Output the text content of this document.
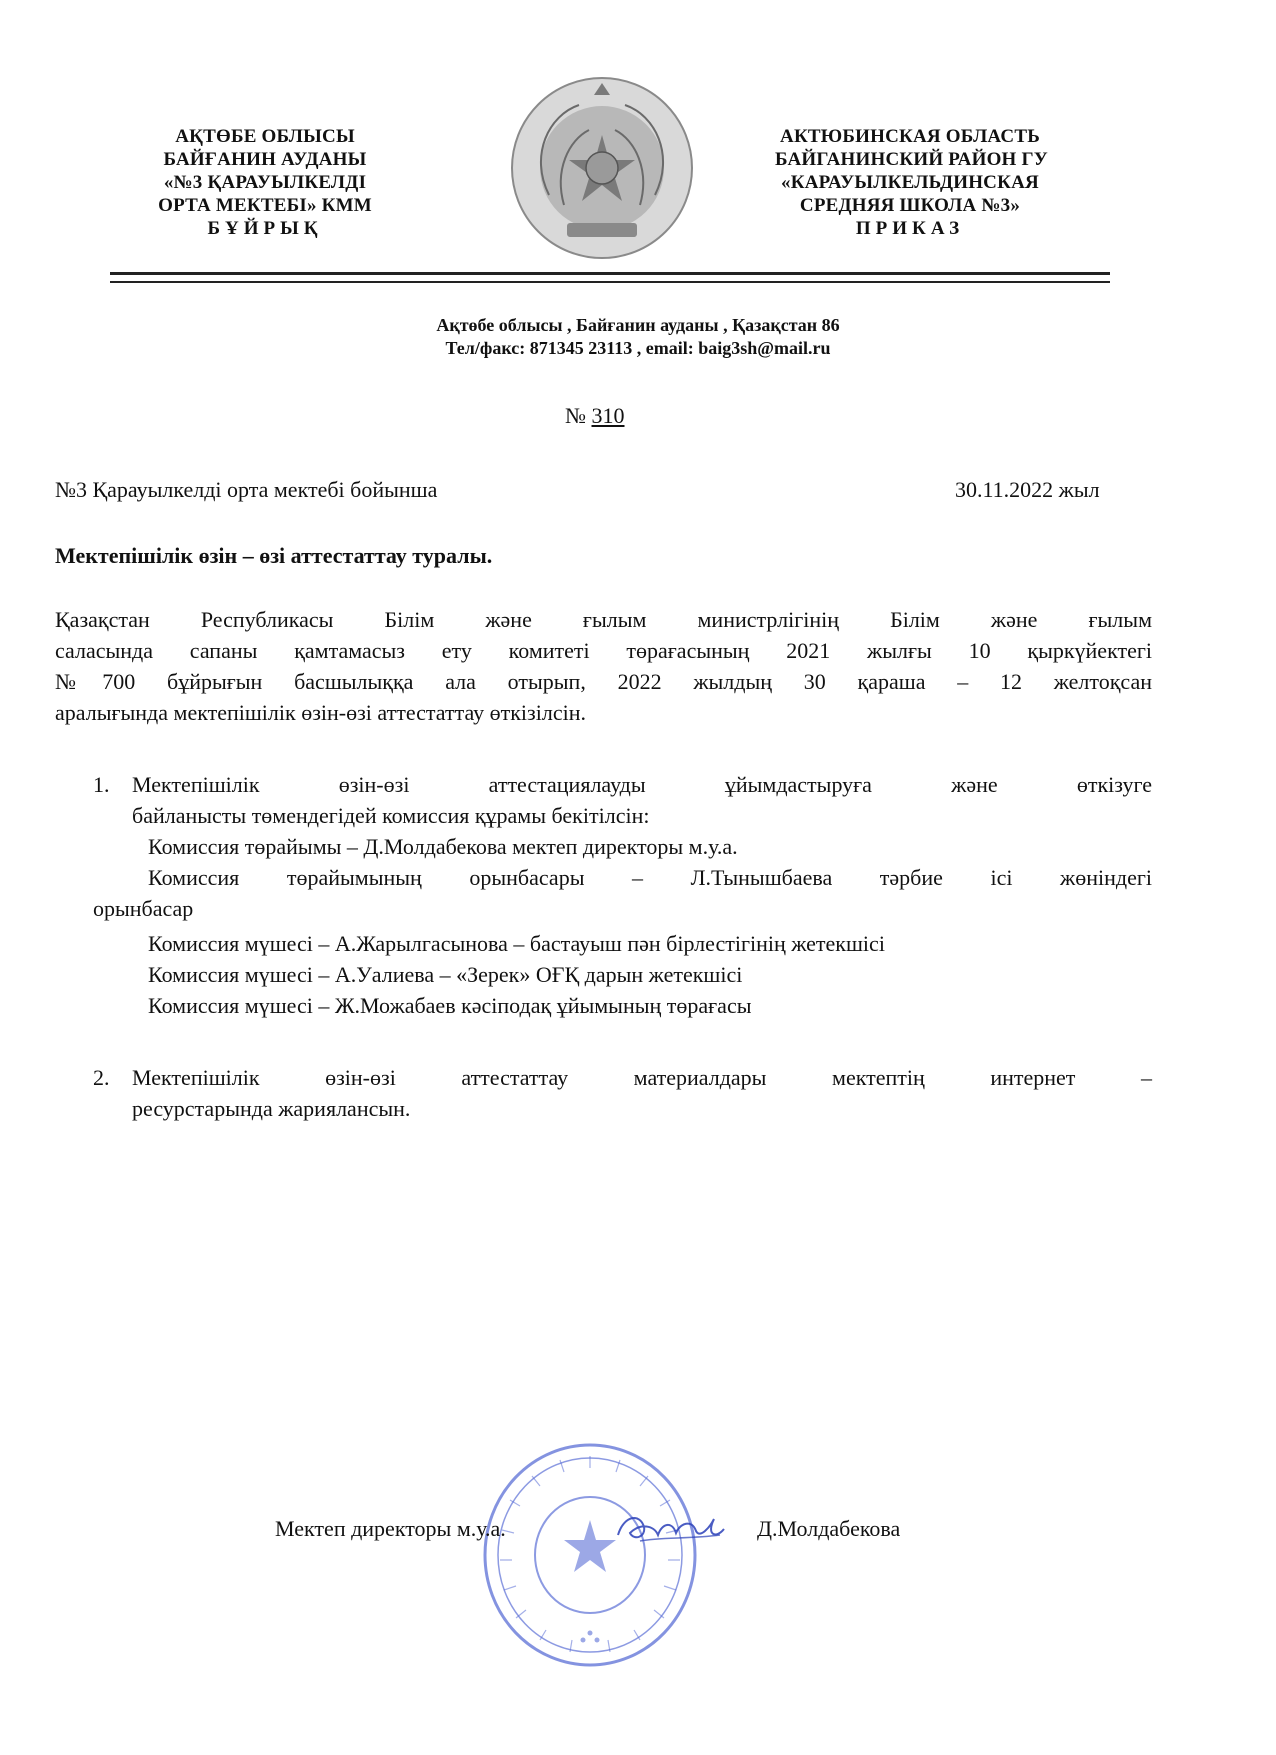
АҚТӨБЕ ОБЛЫСЫ
БАЙҒАНИН АУДАНЫ
«№3 ҚАРАУЫЛКЕЛДІ
ОРТА МЕКТЕБІ» КММ
БҰЙРЫҚ
АКТЮБИНСКАЯ ОБЛАСТЬ
БАЙГАНИНСКИЙ РАЙОН ГУ
«КАРАУЫЛКЕЛЬДИНСКАЯ
СРЕДНЯЯ ШКОЛА №3»
ПРИКАЗ
Ақтөбе облысы , Байғанин ауданы , Қазақстан 86
Тел/факс: 871345 23113 , email: baig3sh@mail.ru
№ 310
№3 Қарауылкелді орта мектебі бойынша	30.11.2022 жыл
Мектепішілік өзін – өзі аттестаттау туралы.
Қазақстан Республикасы Білім және ғылым министрлігінің Білім және ғылым
саласында сапаны қамтамасыз ету комитеті төрағасының 2021 жылғы 10 қыркүйектегі
№700 бұйрығын басшылыққа ала отырып, 2022 жылдың 30 қараша – 12 желтоқсан
аралығында мектепішілік өзін-өзі аттестаттау өткізілсін.
1. Мектепішілік өзін-өзі аттестациялауды ұйымдастыруға және өткізуге
байланысты төмендегідей комиссия құрамы бекітілсін:
Комиссия төрайымы – Д.Молдабекова мектеп директоры м.у.а.
Комиссия төрайымының орынбасары – Л.Тынышбаева тәрбие ісі жөніндегі
орынбасар
Комиссия мүшесі – А.Жарылгасынова – бастауыш пән бірлестігінің жетекшісі
Комиссия мүшесі – А.Уалиева – «Зерек» ОҒҚ дарын жетекшісі
Комиссия мүшесі – Ж.Можабаев кәсіподақ ұйымының төрағасы
2. Мектепішілік өзін-өзі аттестаттау материалдары мектептің интернет –
ресурстарында жариялансын.
Мектеп директоры м.у.а.	Д.Молдабекова
